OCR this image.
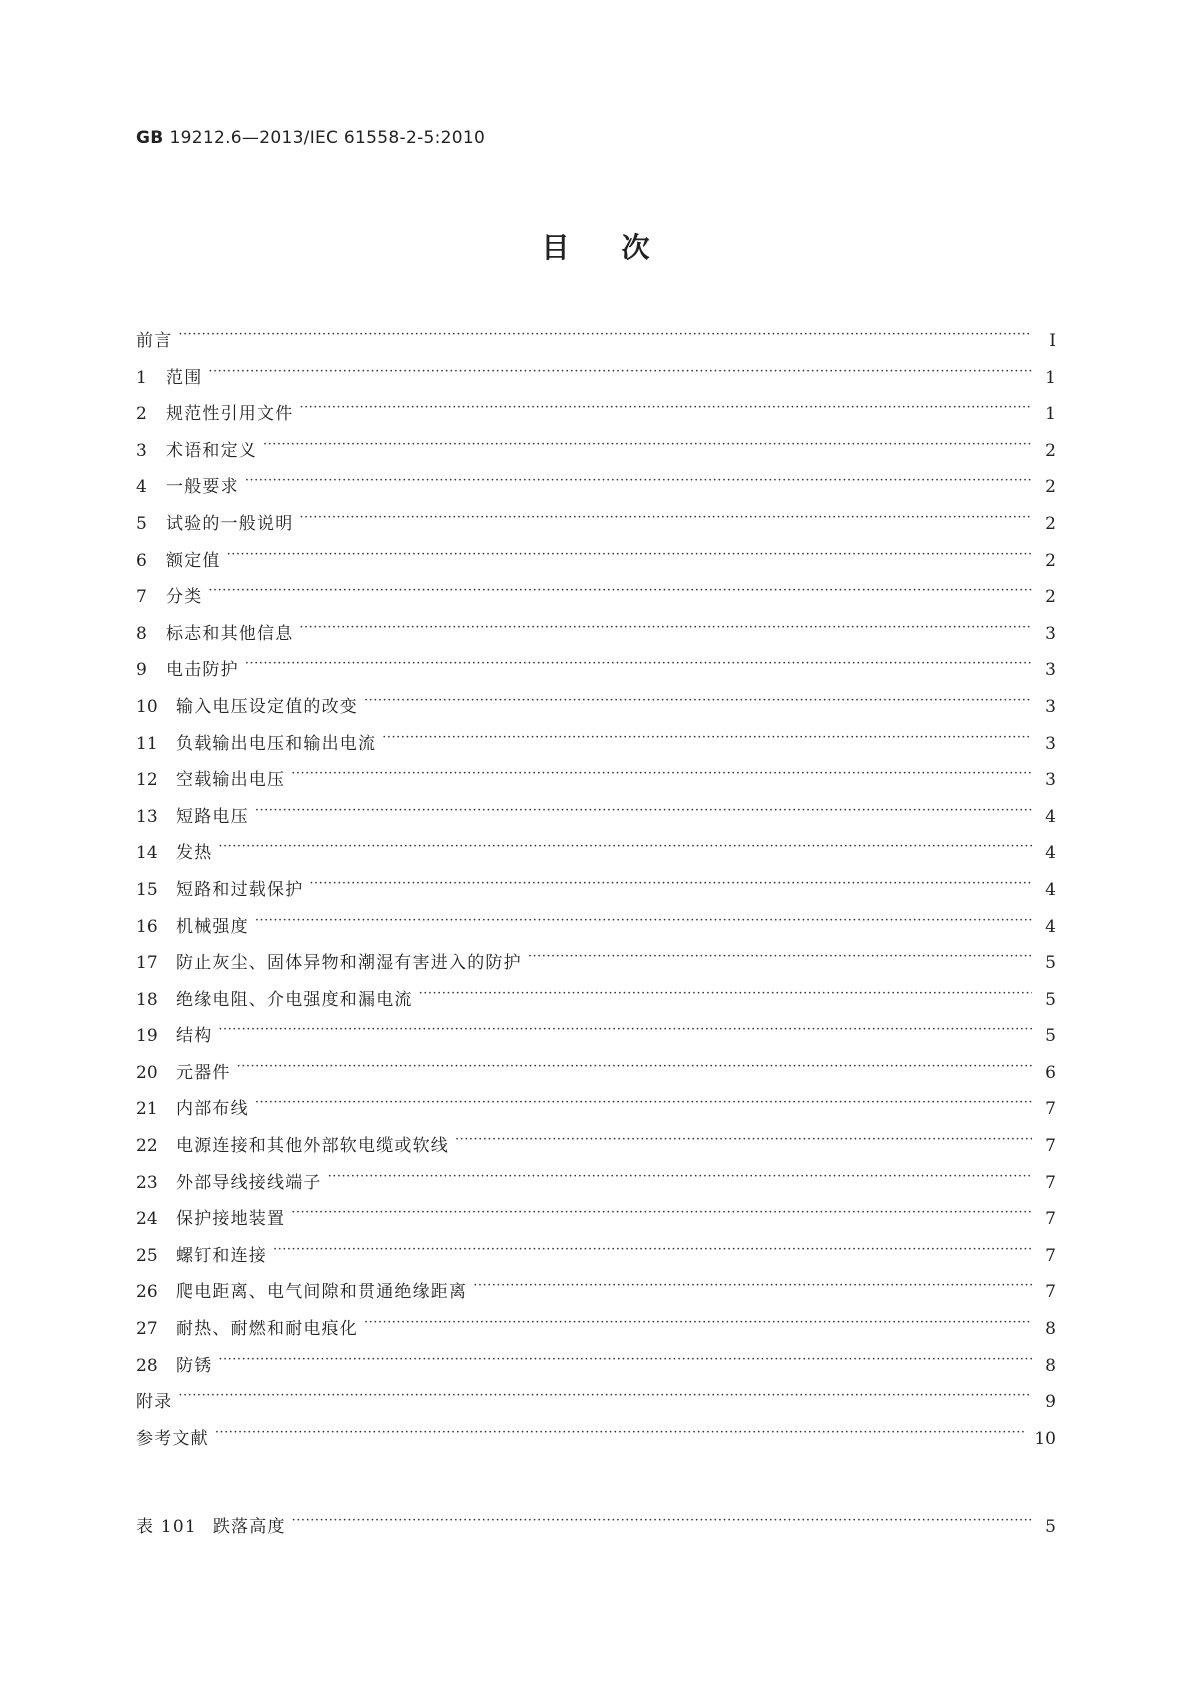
GB 19212.6—2013/IEC 61558-2-5:2010
目 次
前言 ·····	Ⅰ
1	范围 ·····	1
2	规范性引用文件 ·····	1
3	术语和定义 ·····	2
4	一般要求 ·····	2
5	试验的一般说明 ·····	2
6	额定值 ·····	2
7	分类 ·····	2
8	标志和其他信息 ·····	3
9	电击防护 ·····	3
10	输入电压设定值的改变 ·····	3
11	负载输出电压和输出电流 ·····	3
12	空载输出电压 ·····	3
13	短路电压 ·····	4
14	发热 ·····	4
15	短路和过载保护 ·····	4
16	机械强度 ·····	4
17	防止灰尘、固体异物和潮湿有害进入的防护 ·····	5
18	绝缘电阻、介电强度和漏电流 ·····	5
19	结构 ·····	5
20	元器件 ·····	6
21	内部布线 ·····	7
22	电源连接和其他外部软电缆或软线 ·····	7
23	外部导线接线端子 ·····	7
24	保护接地装置 ·····	7
25	螺钉和连接 ·····	7
26	爬电距离、电气间隙和贯通绝缘距离 ·····	7
27	耐热、耐燃和耐电痕化 ·····	8
28	防锈 ·····	8
附录 ·····	9
参考文献 ·····	10
表 101 跌落高度 ·····	5
